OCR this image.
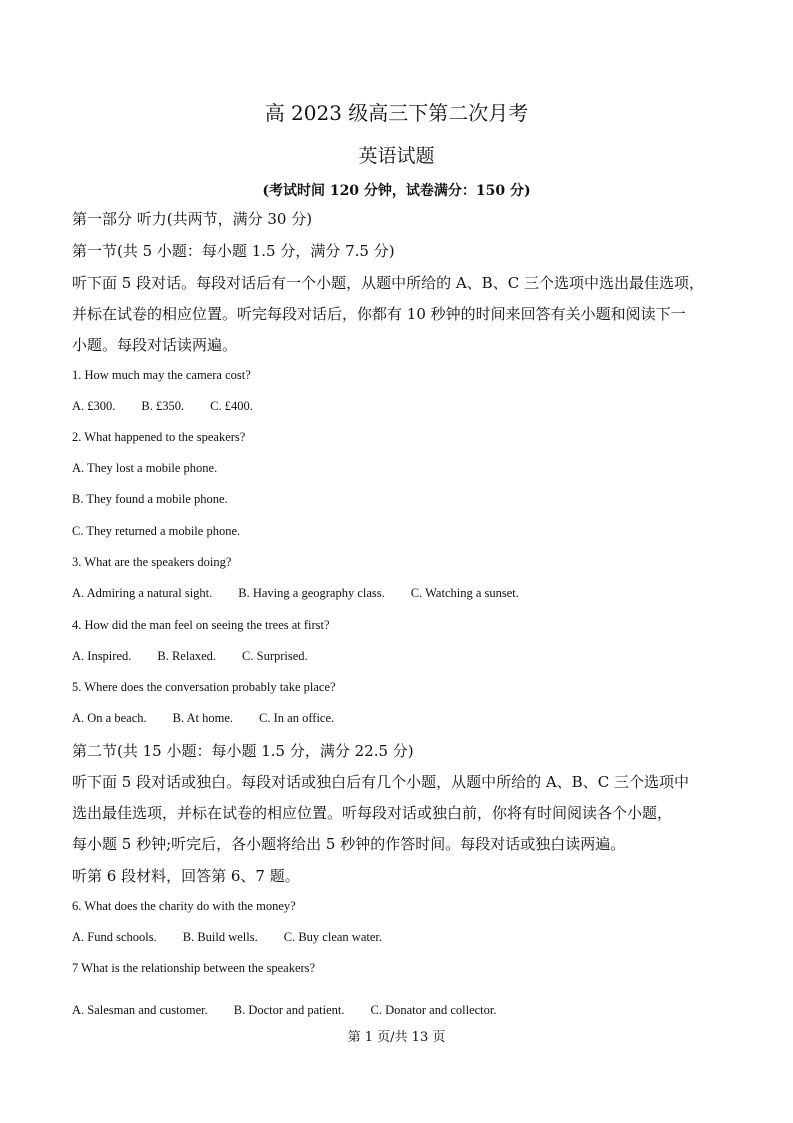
高 2023 级高三下第二次月考
英语试题
(考试时间 120 分钟，试卷满分：150 分)
第一部分 听力(共两节，满分 30 分)
第一节(共 5 小题：每小题 1.5 分，满分 7.5 分)
听下面 5 段对话。每段对话后有一个小题，从题中所给的 A、B、C 三个选项中选出最佳选项，
并标在试卷的相应位置。听完每段对话后，你都有 10 秒钟的时间来回答有关小题和阅读下一
小题。每段对话读两遍。
1. How much may the camera cost?
A. £300. B. £350. C. £400.
2. What happened to the speakers?
A. They lost a mobile phone.
B. They found a mobile phone.
C. They returned a mobile phone.
3. What are the speakers doing?
A. Admiring a natural sight. B. Having a geography class. C. Watching a sunset.
4. How did the man feel on seeing the trees at first?
A. Inspired. B. Relaxed. C. Surprised.
5. Where does the conversation probably take place?
A. On a beach. B. At home. C. In an office.
第二节(共 15 小题：每小题 1.5 分，满分 22.5 分)
听下面 5 段对话或独白。每段对话或独白后有几个小题，从题中所给的 A、B、C 三个选项中
选出最佳选项，并标在试卷的相应位置。听每段对话或独白前，你将有时间阅读各个小题，
每小题 5 秒钟;听完后，各小题将给出 5 秒钟的作答时间。每段对话或独白读两遍。
听第 6 段材料，回答第 6、7 题。
6. What does the charity do with the money?
A. Fund schools. B. Build wells. C. Buy clean water.
7 What is the relationship between the speakers?
A. Salesman and customer. B. Doctor and patient. C. Donator and collector.
第 1 页/共 13 页
